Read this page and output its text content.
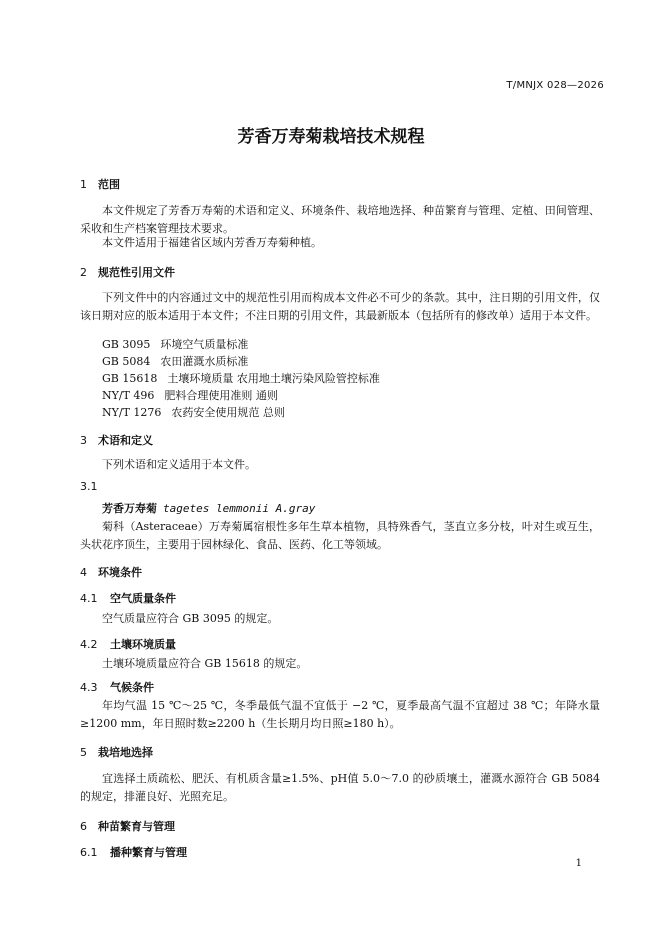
T/MNJX 028—2026
芳香万寿菊栽培技术规程
1 范围
本文件规定了芳香万寿菊的术语和定义、环境条件、栽培地选择、种苗繁育与管理、定植、田间管理、采收和生产档案管理技术要求。
本文件适用于福建省区域内芳香万寿菊种植。
2 规范性引用文件
下列文件中的内容通过文中的规范性引用而构成本文件必不可少的条款。其中，注日期的引用文件，仅该日期对应的版本适用于本文件；不注日期的引用文件，其最新版本（包括所有的修改单）适用于本文件。
GB 3095 环境空气质量标准
GB 5084 农田灌溉水质标准
GB 15618 土壤环境质量 农用地土壤污染风险管控标准
NY/T 496 肥料合理使用准则 通则
NY/T 1276 农药安全使用规范 总则
3 术语和定义
下列术语和定义适用于本文件。
3.1
芳香万寿菊 tagetes lemmonii A.gray
菊科（Asteraceae）万寿菊属宿根性多年生草本植物，具特殊香气，茎直立多分枝，叶对生或互生，头状花序顶生，主要用于园林绿化、食品、医药、化工等领域。
4 环境条件
4.1 空气质量条件
空气质量应符合 GB 3095 的规定。
4.2 土壤环境质量
土壤环境质量应符合 GB 15618 的规定。
4.3 气候条件
年均气温 15 ℃～25 ℃，冬季最低气温不宜低于 −2 ℃，夏季最高气温不宜超过 38 ℃；年降水量≥1200 mm，年日照时数≥2200 h（生长期月均日照≥180 h）。
5 栽培地选择
宜选择土质疏松、肥沃、有机质含量≥1.5%、pH值 5.0～7.0 的砂质壤土，灌溉水源符合 GB 5084 的规定，排灌良好、光照充足。
6 种苗繁育与管理
6.1 播种繁育与管理
1
